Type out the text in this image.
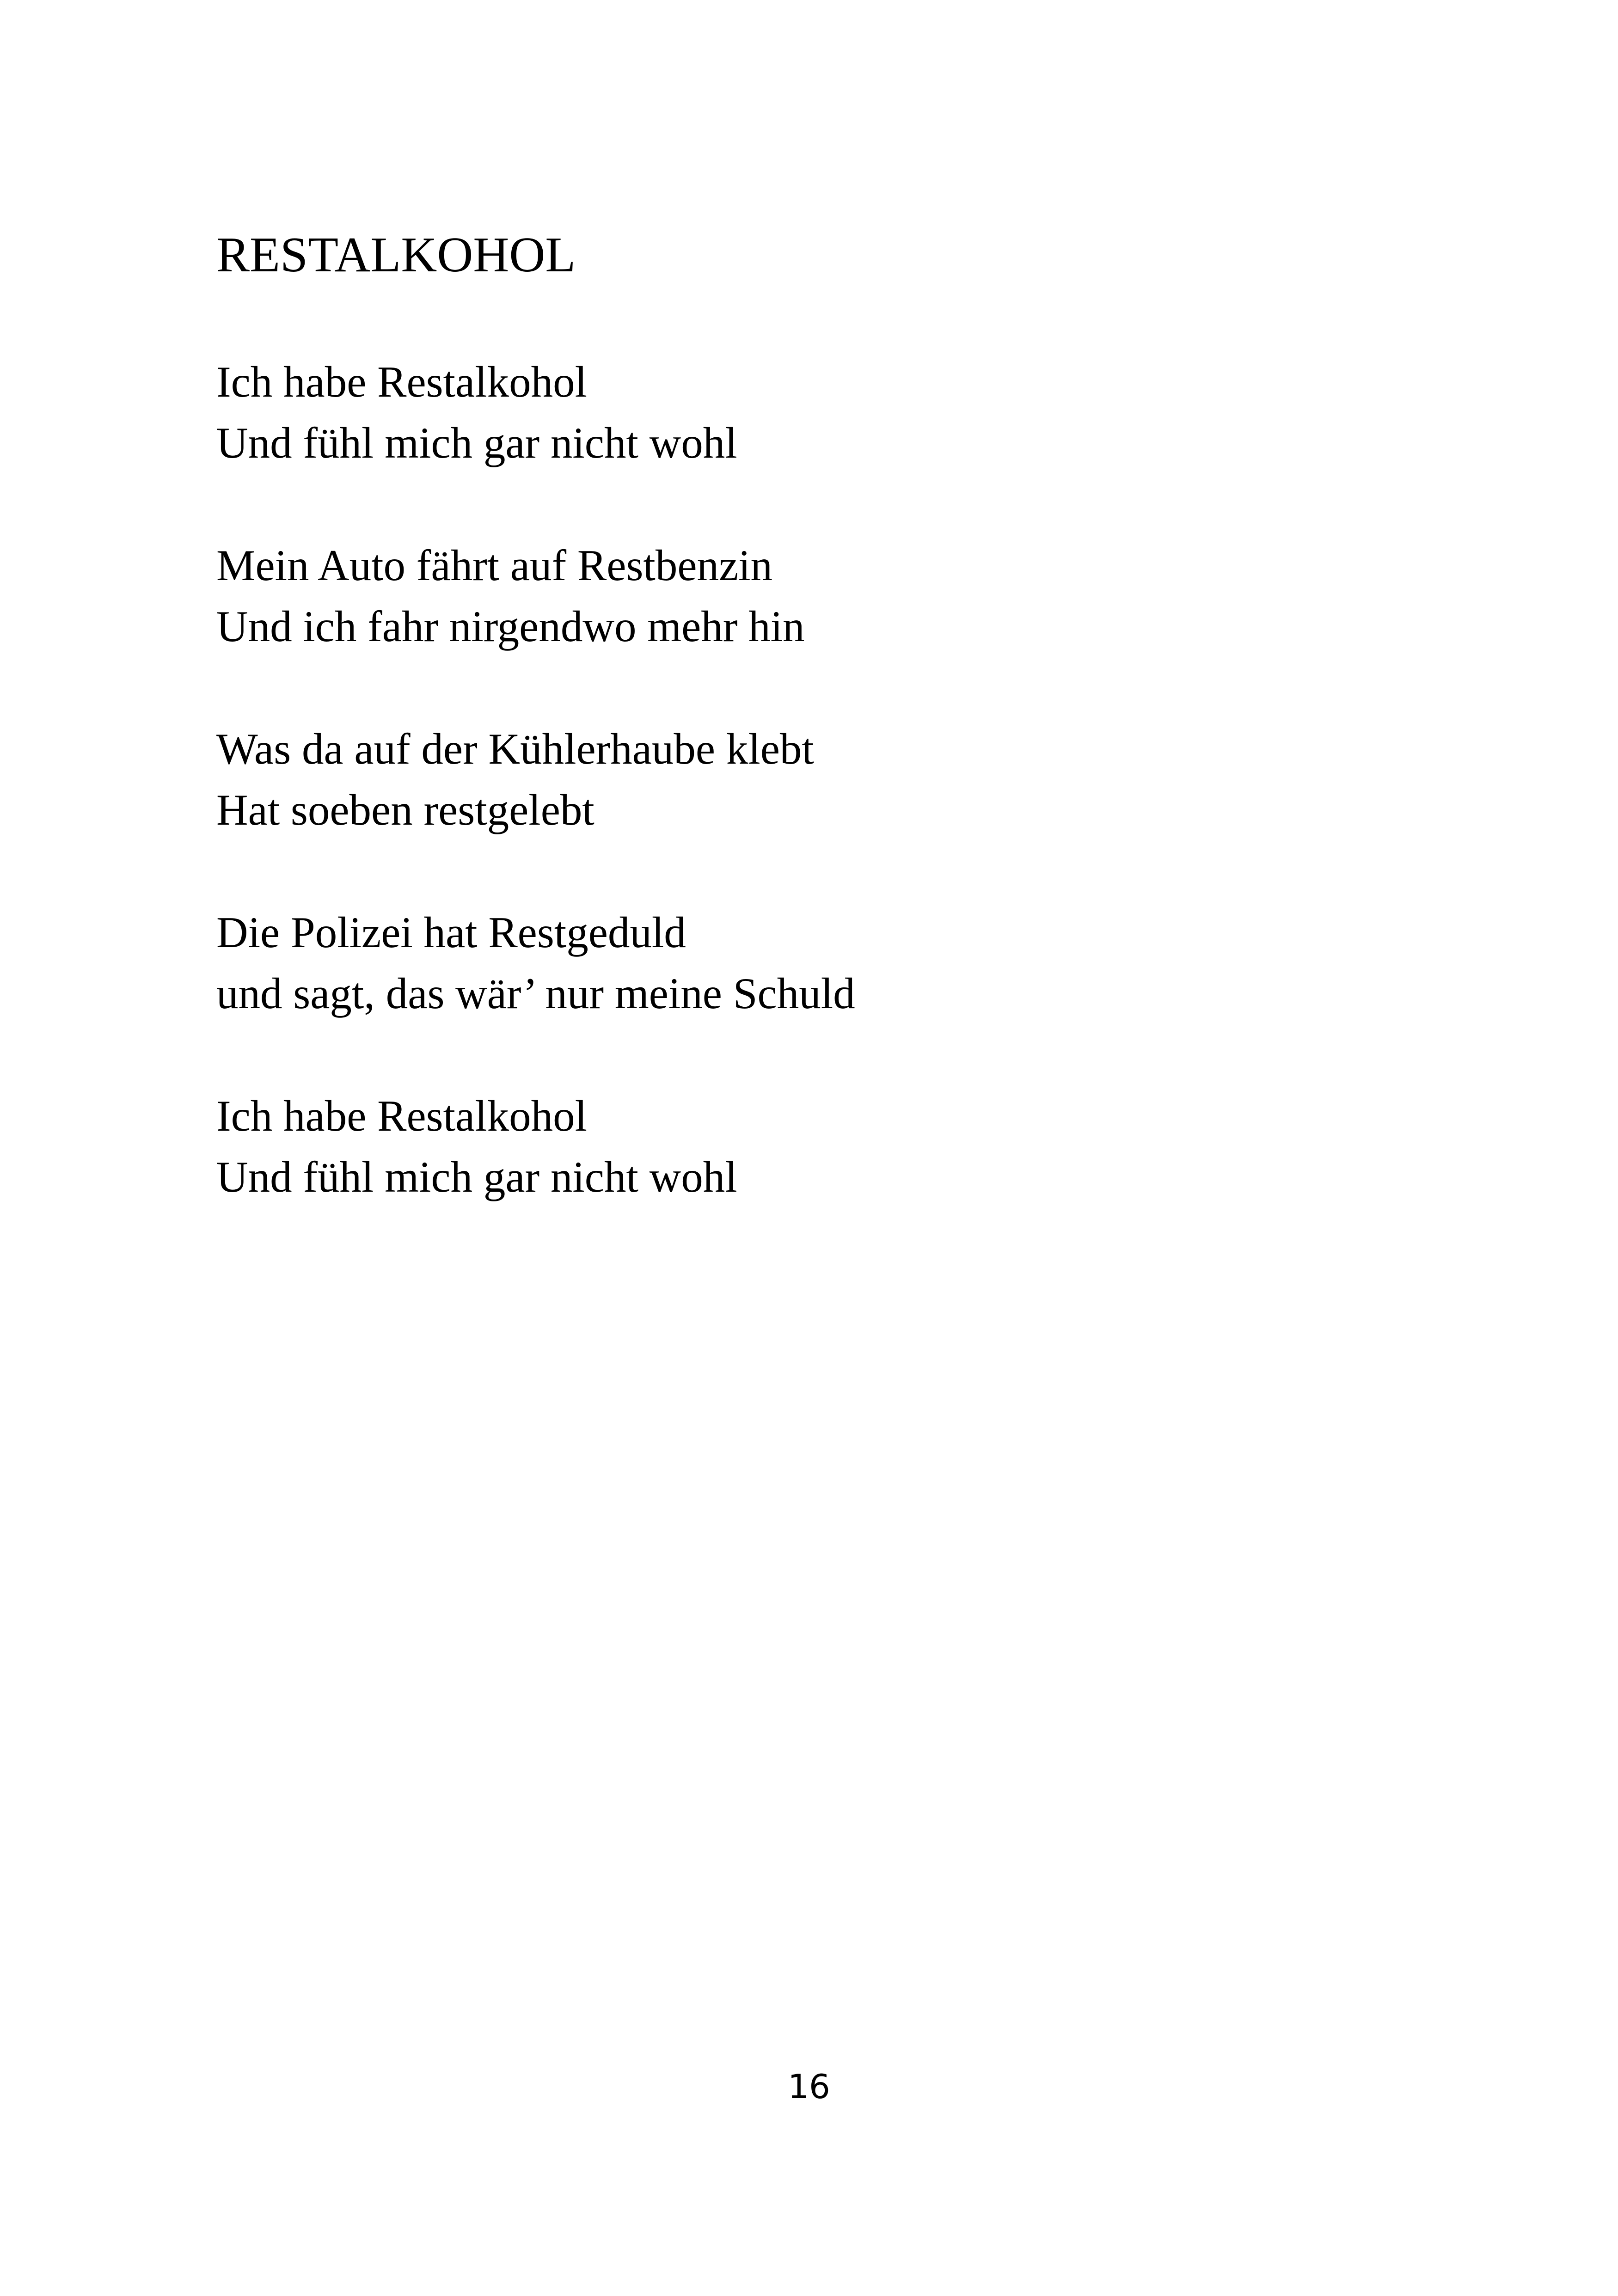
RESTALKOHOL
Ich habe Restalkohol
Und fühl mich gar nicht wohl
Mein Auto fährt auf Restbenzin
Und ich fahr nirgendwo mehr hin
Was da auf der Kühlerhaube klebt
Hat soeben restgelebt
Die Polizei hat Restgeduld
und sagt, das wär’ nur meine Schuld
Ich habe Restalkohol
Und fühl mich gar nicht wohl
16
